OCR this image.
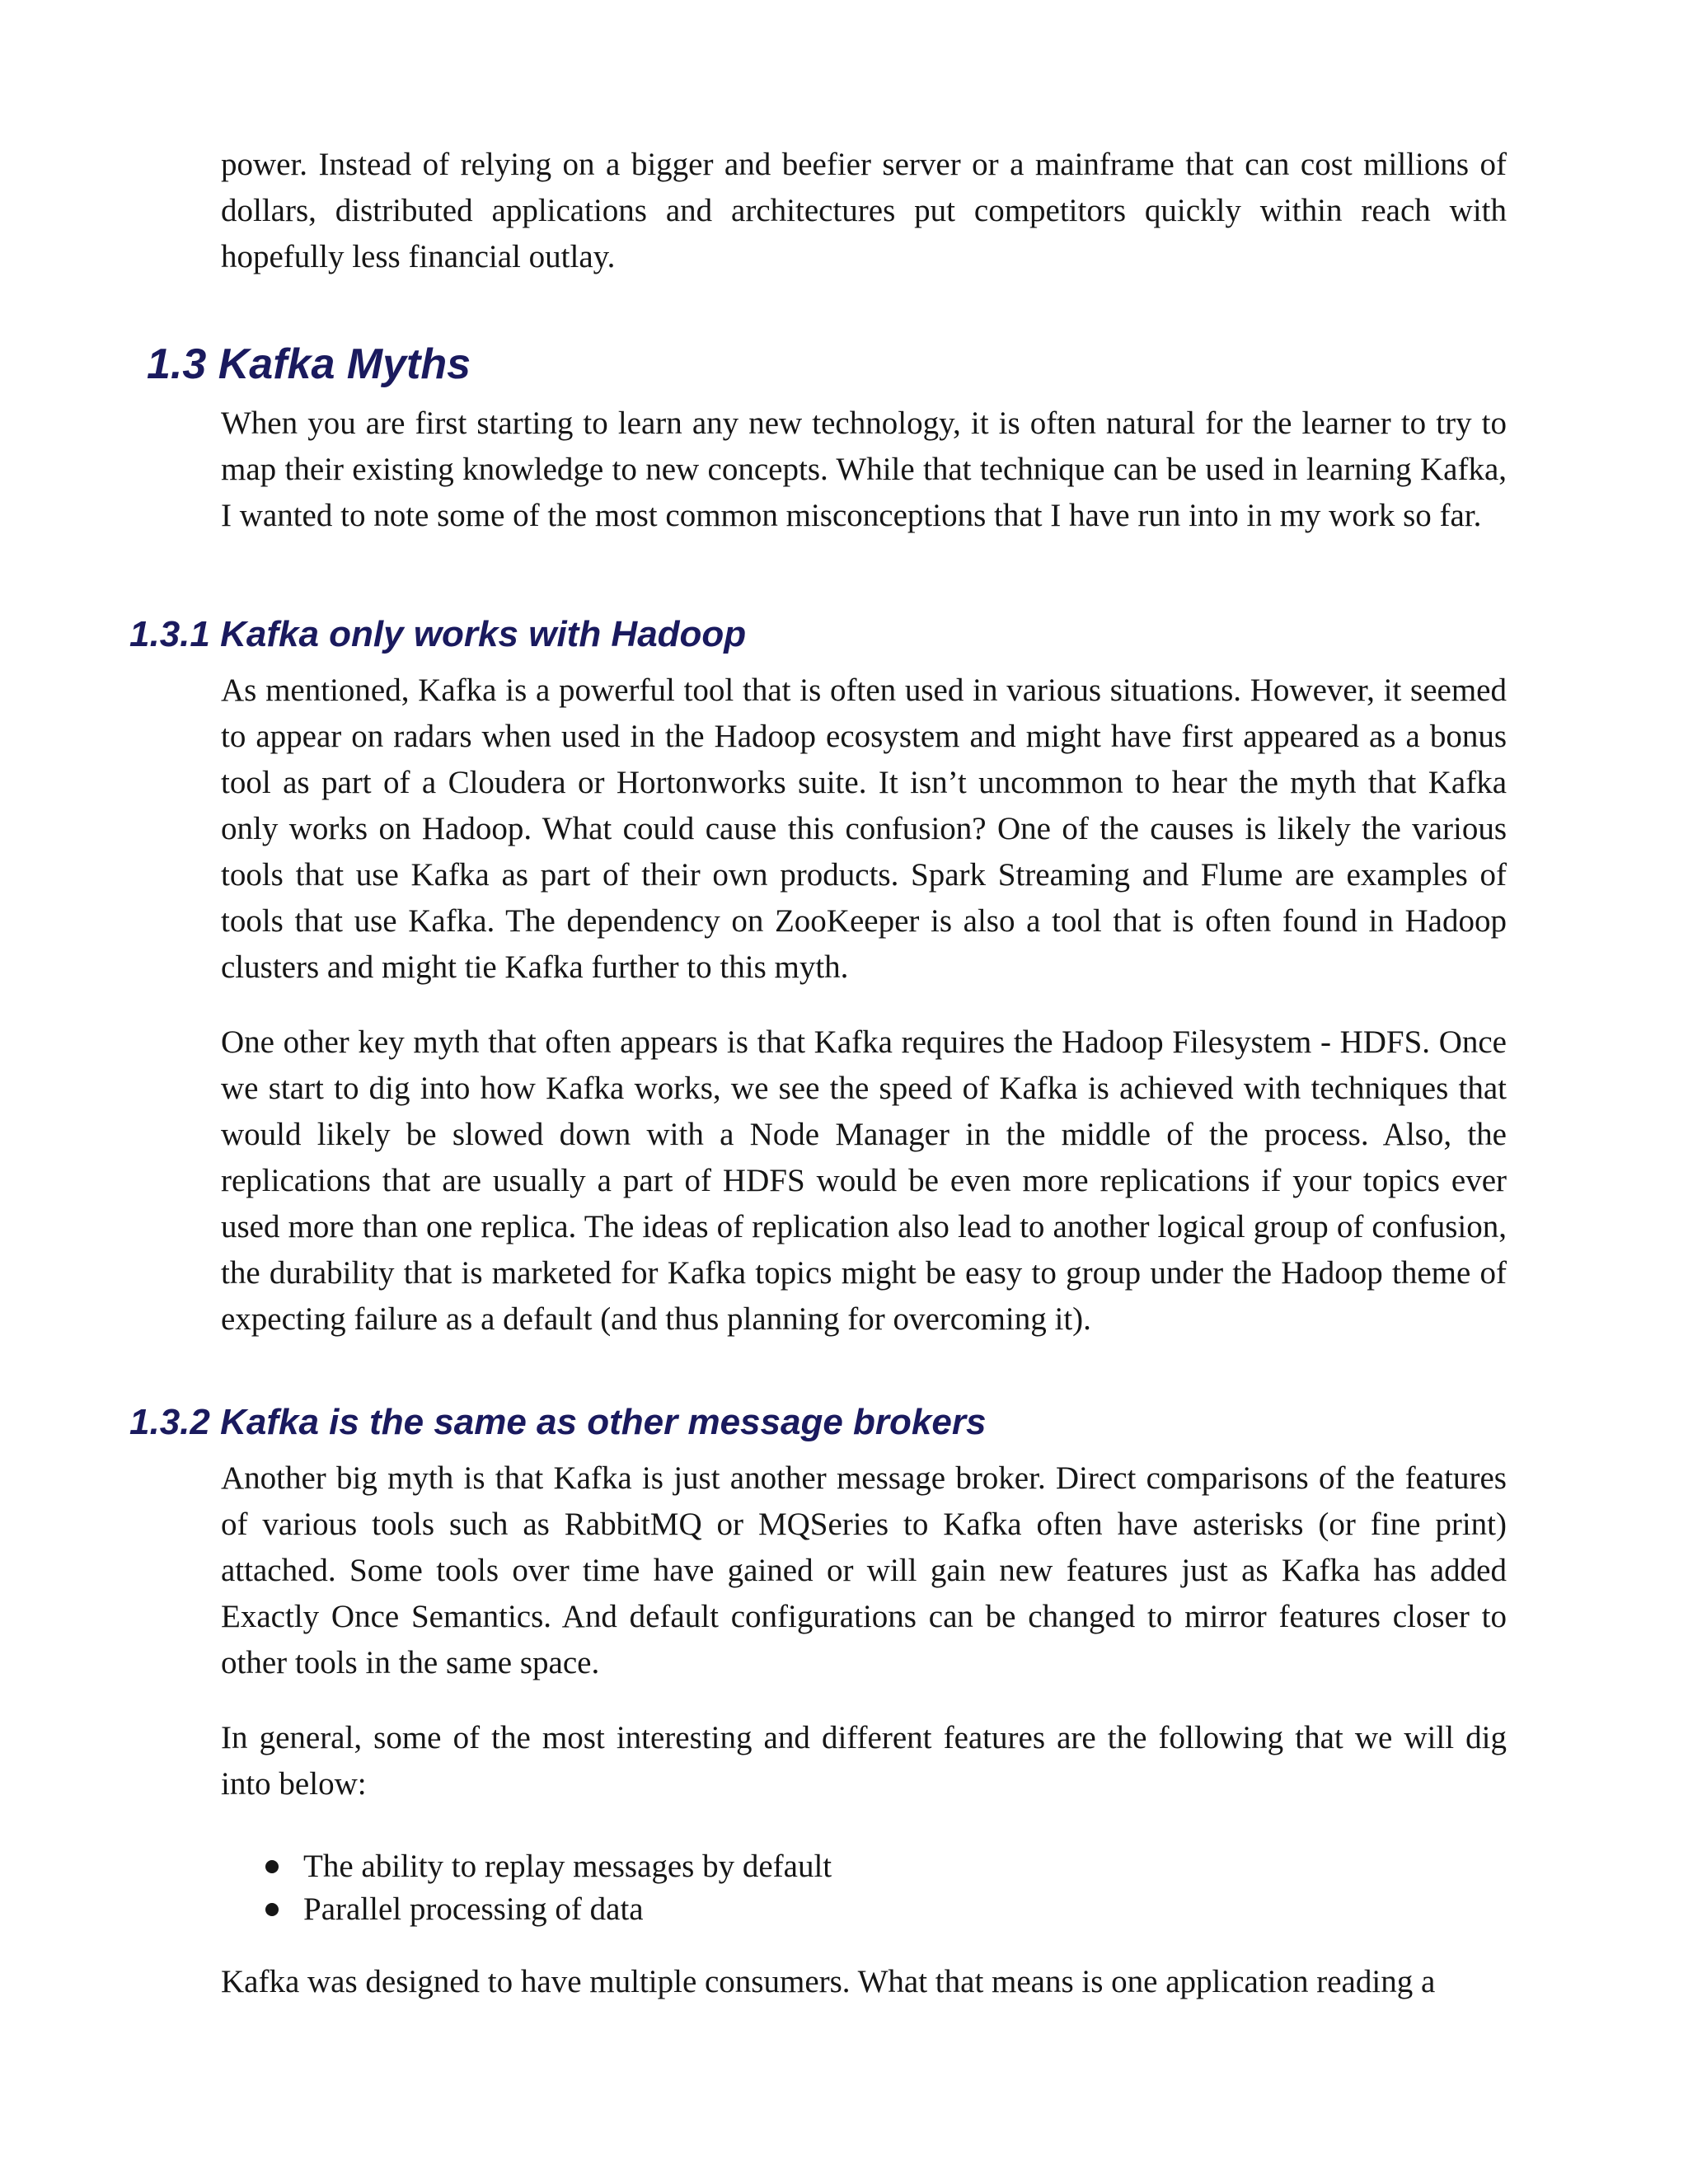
power. Instead of relying on a bigger and beefier server or a mainframe that can cost millions of dollars, distributed applications and architectures put competitors quickly within reach with hopefully less financial outlay.

1.3 Kafka Myths

When you are first starting to learn any new technology, it is often natural for the learner to try to map their existing knowledge to new concepts. While that technique can be used in learning Kafka, I wanted to note some of the most common misconceptions that I have run into in my work so far.

1.3.1 Kafka only works with Hadoop

As mentioned, Kafka is a powerful tool that is often used in various situations. However, it seemed to appear on radars when used in the Hadoop ecosystem and might have first appeared as a bonus tool as part of a Cloudera or Hortonworks suite. It isn’t uncommon to hear the myth that Kafka only works on Hadoop. What could cause this confusion? One of the causes is likely the various tools that use Kafka as part of their own products. Spark Streaming and Flume are examples of tools that use Kafka. The dependency on ZooKeeper is also a tool that is often found in Hadoop clusters and might tie Kafka further to this myth.

One other key myth that often appears is that Kafka requires the Hadoop Filesystem - HDFS. Once we start to dig into how Kafka works, we see the speed of Kafka is achieved with techniques that would likely be slowed down with a Node Manager in the middle of the process. Also, the replications that are usually a part of HDFS would be even more replications if your topics ever used more than one replica. The ideas of replication also lead to another logical group of confusion, the durability that is marketed for Kafka topics might be easy to group under the Hadoop theme of expecting failure as a default (and thus planning for overcoming it).

1.3.2 Kafka is the same as other message brokers

Another big myth is that Kafka is just another message broker. Direct comparisons of the features of various tools such as RabbitMQ or MQSeries to Kafka often have asterisks (or fine print) attached. Some tools over time have gained or will gain new features just as Kafka has added Exactly Once Semantics. And default configurations can be changed to mirror features closer to other tools in the same space.

In general, some of the most interesting and different features are the following that we will dig into below:

The ability to replay messages by default
Parallel processing of data

Kafka was designed to have multiple consumers. What that means is one application reading a
